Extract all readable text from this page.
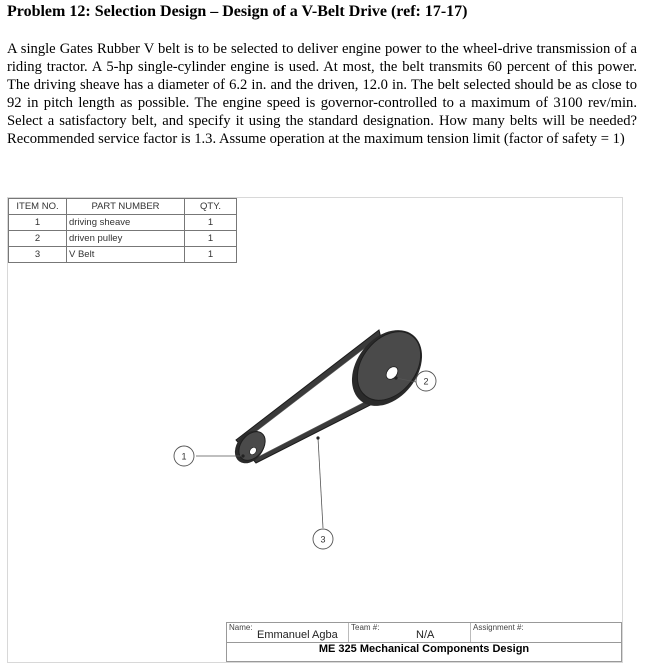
Problem 12: Selection Design – Design of a V-Belt Drive (ref: 17-17)
A single Gates Rubber V belt is to be selected to deliver engine power to the wheel-drive transmission of a riding tractor. A 5-hp single-cylinder engine is used. At most, the belt transmits 60 percent of this power. The driving sheave has a diameter of 6.2 in. and the driven, 12.0 in. The belt selected should be as close to 92 in pitch length as possible. The engine speed is governor-controlled to a maximum of 3100 rev/min. Select a satisfactory belt, and specify it using the standard designation. How many belts will be needed? Recommended service factor is 1.3. Assume operation at the maximum tension limit (factor of safety = 1)
ITEM NO.	PART NUMBER	QTY.
1	driving sheave	1
2	driven pulley	1
3	V Belt	1
1
2
3
Name:
Emmanuel Agba
Team #:
N/A
Assignment #:
ME 325 Mechanical Components Design
